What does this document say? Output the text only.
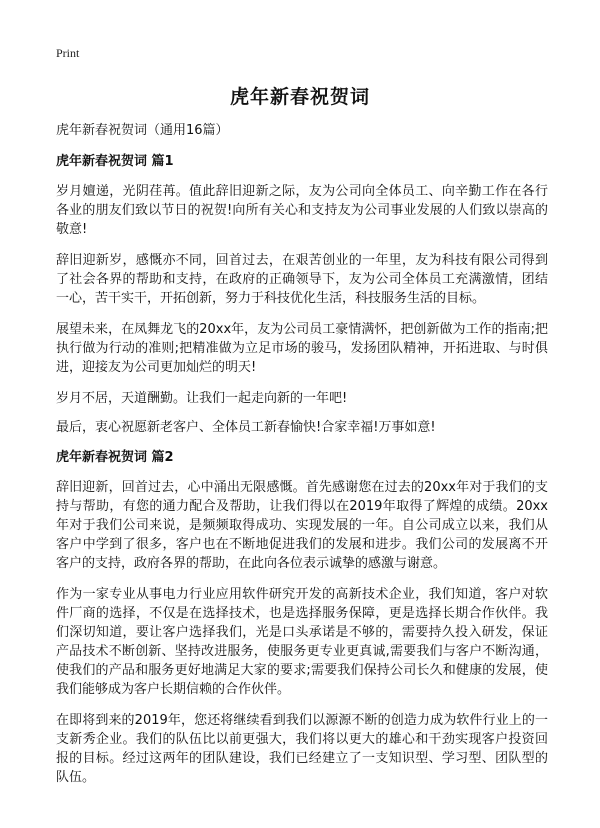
Print
虎年新春祝贺词

虎年新春祝贺词（通用16篇）

虎年新春祝贺词 篇1

岁月嬗递，光阴荏苒。值此辞旧迎新之际，友为公司向全体员工、向辛勤工作在各行各业的朋友们致以节日的祝贺!向所有关心和支持友为公司事业发展的人们致以崇高的敬意!

辞旧迎新岁，感慨亦不同，回首过去，在艰苦创业的一年里，友为科技有限公司得到了社会各界的帮助和支持，在政府的正确领导下，友为公司全体员工充满激情，团结一心，苦干实干，开拓创新，努力于科技优化生活，科技服务生活的目标。

展望未来，在凤舞龙飞的20xx年，友为公司员工豪情满怀，把创新做为工作的指南;把执行做为行动的准则;把精准做为立足市场的骏马，发扬团队精神，开拓进取、与时俱进，迎接友为公司更加灿烂的明天!

岁月不居，天道酬勤。让我们一起走向新的一年吧!

最后，衷心祝愿新老客户、全体员工新春愉快!合家幸福!万事如意!

虎年新春祝贺词 篇2

辞旧迎新，回首过去，心中涌出无限感慨。首先感谢您在过去的20xx年对于我们的支持与帮助，有您的通力配合及帮助，让我们得以在2019年取得了辉煌的成绩。20xx年对于我们公司来说，是频频取得成功、实现发展的一年。自公司成立以来，我们从客户中学到了很多，客户也在不断地促进我们的发展和进步。我们公司的发展离不开客户的支持，政府各界的帮助，在此向各位表示诚挚的感激与谢意。

作为一家专业从事电力行业应用软件研究开发的高新技术企业，我们知道，客户对软件厂商的选择，不仅是在选择技术，也是选择服务保障，更是选择长期合作伙伴。我们深切知道，要让客户选择我们，光是口头承诺是不够的，需要持久投入研发，保证产品技术不断创新、坚持改进服务，使服务更专业更真诚,需要我们与客户不断沟通，使我们的产品和服务更好地满足大家的要求;需要我们保持公司长久和健康的发展，使我们能够成为客户长期信赖的合作伙伴。

在即将到来的2019年，您还将继续看到我们以源源不断的创造力成为软件行业上的一支新秀企业。我们的队伍比以前更强大，我们将以更大的雄心和干劲实现客户投资回报的目标。经过这两年的团队建设，我们已经建立了一支知识型、学习型、团队型的队伍。
